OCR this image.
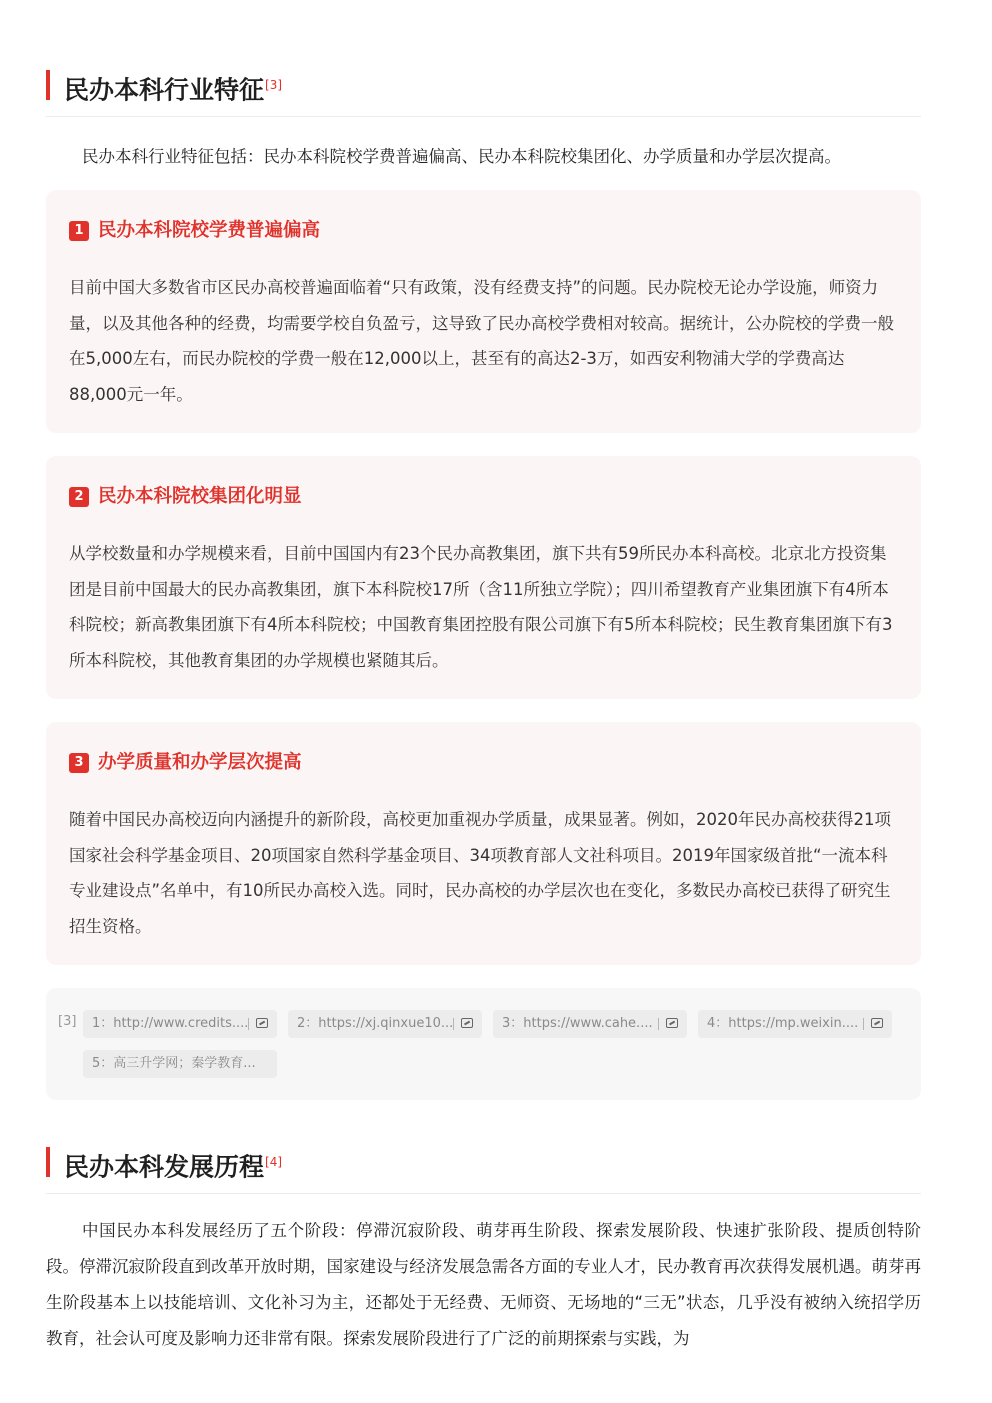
民办本科行业特征[3]
民办本科行业特征包括：民办本科院校学费普遍偏高、民办本科院校集团化、办学质量和办学层次提高。
1 民办本科院校学费普遍偏高
目前中国大多数省市区民办高校普遍面临着“只有政策，没有经费支持”的问题。民办院校无论办学设施，师资力量，以及其他各种的经费，均需要学校自负盈亏，这导致了民办高校学费相对较高。据统计，公办院校的学费一般在5,000左右，而民办院校的学费一般在12,000以上，甚至有的高达2-3万，如西安利物浦大学的学费高达88,000元一年。
2 民办本科院校集团化明显
从学校数量和办学规模来看，目前中国国内有23个民办高教集团，旗下共有59所民办本科高校。北京北方投资集团是目前中国最大的民办高教集团，旗下本科院校17所（含11所独立学院）；四川希望教育产业集团旗下有4所本科院校；新高教集团旗下有4所本科院校；中国教育集团控股有限公司旗下有5所本科院校；民生教育集团旗下有3所本科院校，其他教育集团的办学规模也紧随其后。
3 办学质量和办学层次提高
随着中国民办高校迈向内涵提升的新阶段，高校更加重视办学质量，成果显著。例如，2020年民办高校获得21项国家社会科学基金项目、20项国家自然科学基金项目、34项教育部人文社科项目。2019年国家级首批“一流本科专业建设点”名单中，有10所民办高校入选。同时，民办高校的办学层次也在变化，多数民办高校已获得了研究生招生资格。
[3]	1：http://www.credits....	2：https://xj.qinxue10...	3：https://www.cahe....	4：https://mp.weixin....
5：高三升学网；秦学教育...
民办本科发展历程[4]
中国民办本科发展经历了五个阶段：停滞沉寂阶段、萌芽再生阶段、探索发展阶段、快速扩张阶段、提质创特阶段。停滞沉寂阶段直到改革开放时期，国家建设与经济发展急需各方面的专业人才，民办教育再次获得发展机遇。萌芽再生阶段基本上以技能培训、文化补习为主，还都处于无经费、无师资、无场地的“三无”状态，几乎没有被纳入统招学历教育，社会认可度及影响力还非常有限。探索发展阶段进行了广泛的前期探索与实践，为
